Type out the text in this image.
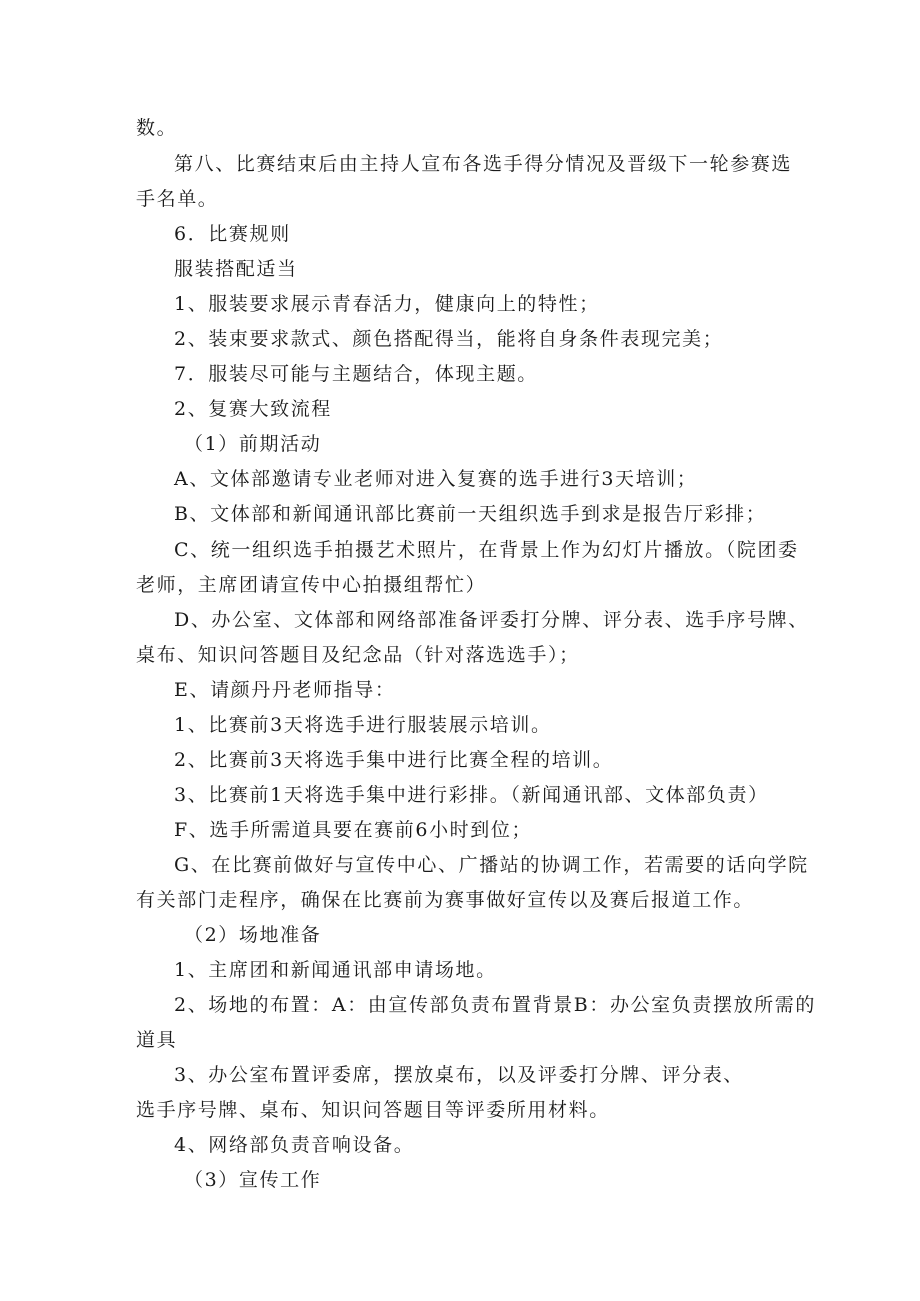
数。
第八、比赛结束后由主持人宣布各选手得分情况及晋级下一轮参赛选
手名单。
6．比赛规则
服装搭配适当
1、服装要求展示青春活力，健康向上的特性；
2、装束要求款式、颜色搭配得当，能将自身条件表现完美；
7．服装尽可能与主题结合，体现主题。
2、复赛大致流程
（1）前期活动
A、文体部邀请专业老师对进入复赛的选手进行3天培训；
B、文体部和新闻通讯部比赛前一天组织选手到求是报告厅彩排；
C、统一组织选手拍摄艺术照片，在背景上作为幻灯片播放。（院团委
老师，主席团请宣传中心拍摄组帮忙）
D、办公室、文体部和网络部准备评委打分牌、评分表、选手序号牌、
桌布、知识问答题目及纪念品（针对落选选手）；
E、请颜丹丹老师指导：
1、比赛前3天将选手进行服装展示培训。
2、比赛前3天将选手集中进行比赛全程的培训。
3、比赛前1天将选手集中进行彩排。（新闻通讯部、文体部负责）
F、选手所需道具要在赛前6小时到位；
G、在比赛前做好与宣传中心、广播站的协调工作，若需要的话向学院
有关部门走程序，确保在比赛前为赛事做好宣传以及赛后报道工作。
（2）场地准备
1、主席团和新闻通讯部申请场地。
2、场地的布置：A：由宣传部负责布置背景B：办公室负责摆放所需的
道具
3、办公室布置评委席，摆放桌布，以及评委打分牌、评分表、
选手序号牌、桌布、知识问答题目等评委所用材料。
4、网络部负责音响设备。
（3）宣传工作
